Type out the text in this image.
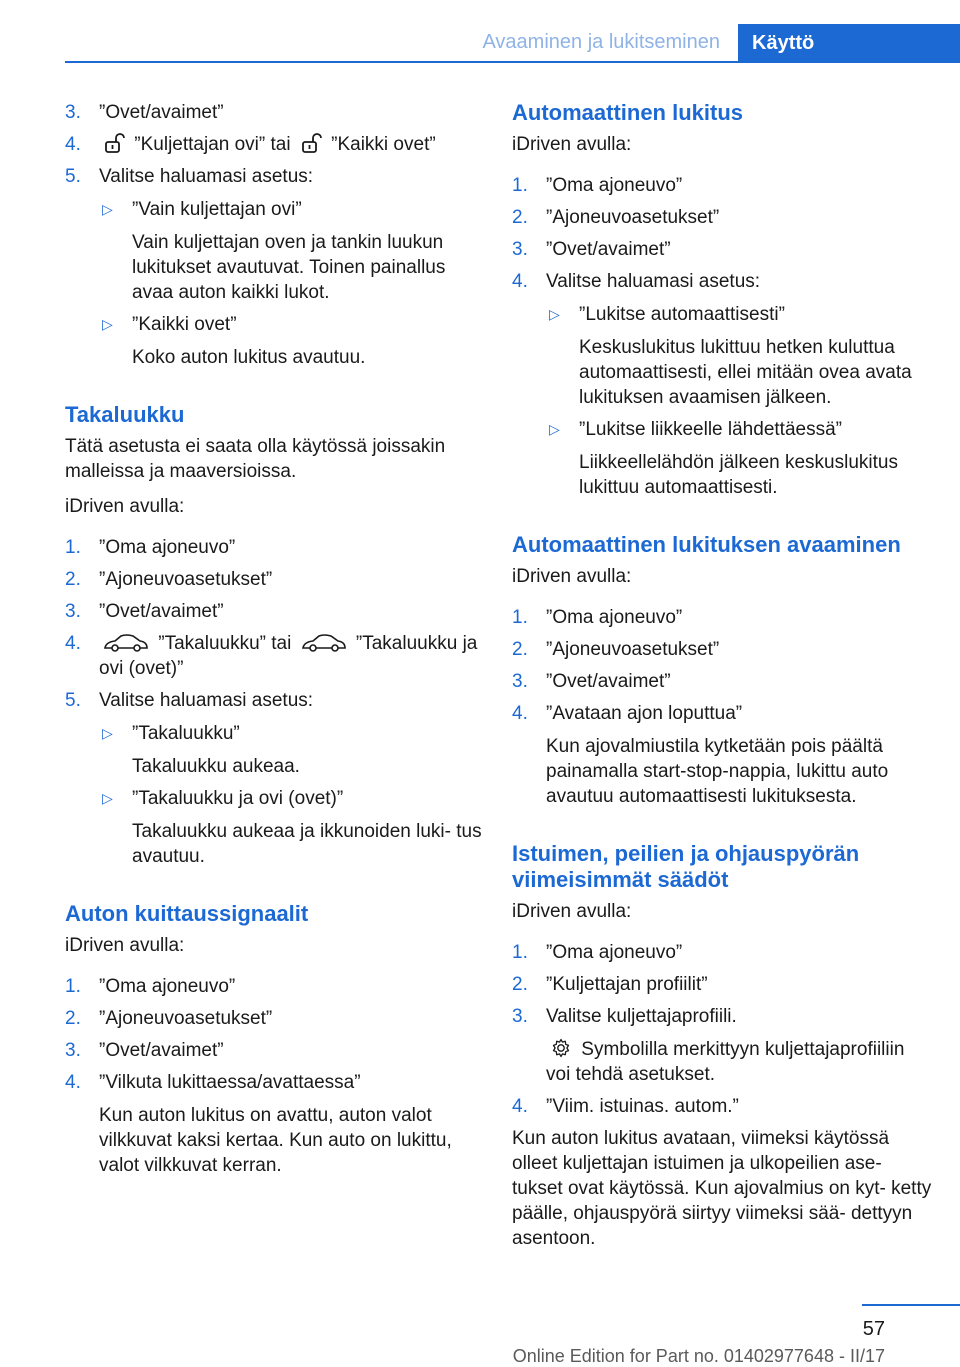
Avaaminen ja lukitseminen	Käyttö
3. ”Ovet/avaimet”
4.	”Kuljettajan ovi” tai ”Kaikki ovet”
5. Valitse haluamasi asetus:
▷ ”Vain kuljettajan ovi”
Vain kuljettajan oven ja tankin luukun lukitukset avautuvat. Toinen painallus avaa auton kaikki lukot.
▷ ”Kaikki ovet”
Koko auton lukitus avautuu.
Takaluukku
Tätä asetusta ei saata olla käytössä joissakin malleissa ja maaversioissa.
iDriven avulla:
1. ”Oma ajoneuvo”
2. ”Ajoneuvoasetukset”
3. ”Ovet/avaimet”
4.	”Takaluukku” tai	”Takaluukku ja ovi (ovet)”
5. Valitse haluamasi asetus:
▷ ”Takaluukku”
Takaluukku aukeaa.
▷ ”Takaluukku ja ovi (ovet)”
Takaluukku aukeaa ja ikkunoiden luki‐ tus avautuu.
Auton kuittaussignaalit
iDriven avulla:
1. ”Oma ajoneuvo”
2. ”Ajoneuvoasetukset”
3. ”Ovet/avaimet”
4. ”Vilkuta lukittaessa/avattaessa”
Kun auton lukitus on avattu, auton valot vilkkuvat kaksi kertaa. Kun auto on lukittu, valot vilkkuvat kerran.
Automaattinen lukitus
iDriven avulla:
1. ”Oma ajoneuvo”
2. ”Ajoneuvoasetukset”
3. ”Ovet/avaimet”
4. Valitse haluamasi asetus:
▷ ”Lukitse automaattisesti”
Keskuslukitus lukittuu hetken kuluttua automaattisesti, ellei mitään ovea avata lukituksen avaamisen jälkeen.
▷ ”Lukitse liikkeelle lähdettäessä”
Liikkeellelähdön jälkeen keskuslukitus lukittuu automaattisesti.
Automaattinen lukituksen avaaminen
iDriven avulla:
1. ”Oma ajoneuvo”
2. ”Ajoneuvoasetukset”
3. ”Ovet/avaimet”
4. ”Avataan ajon loputtua”
Kun ajovalmiustila kytketään pois päältä painamalla start-stop-nappia, lukittu auto avautuu automaattisesti lukituksesta.
Istuimen, peilien ja ohjauspyörän viimeisimmät säädöt
iDriven avulla:
1. ”Oma ajoneuvo”
2. ”Kuljettajan profiilit”
3. Valitse kuljettajaprofiili.
Symbolilla merkittyyn kuljettajaprofiiliin voi tehdä asetukset.
4. ”Viim. istuinas. autom.”
Kun auton lukitus avataan, viimeksi käytössä olleet kuljettajan istuimen ja ulkopeilien ase‐ tukset ovat käytössä. Kun ajovalmius on kyt‐ ketty päälle, ohjauspyörä siirtyy viimeksi sää‐ dettyyn asentoon.
57
Online Edition for Part no. 01402977648 - II/17
